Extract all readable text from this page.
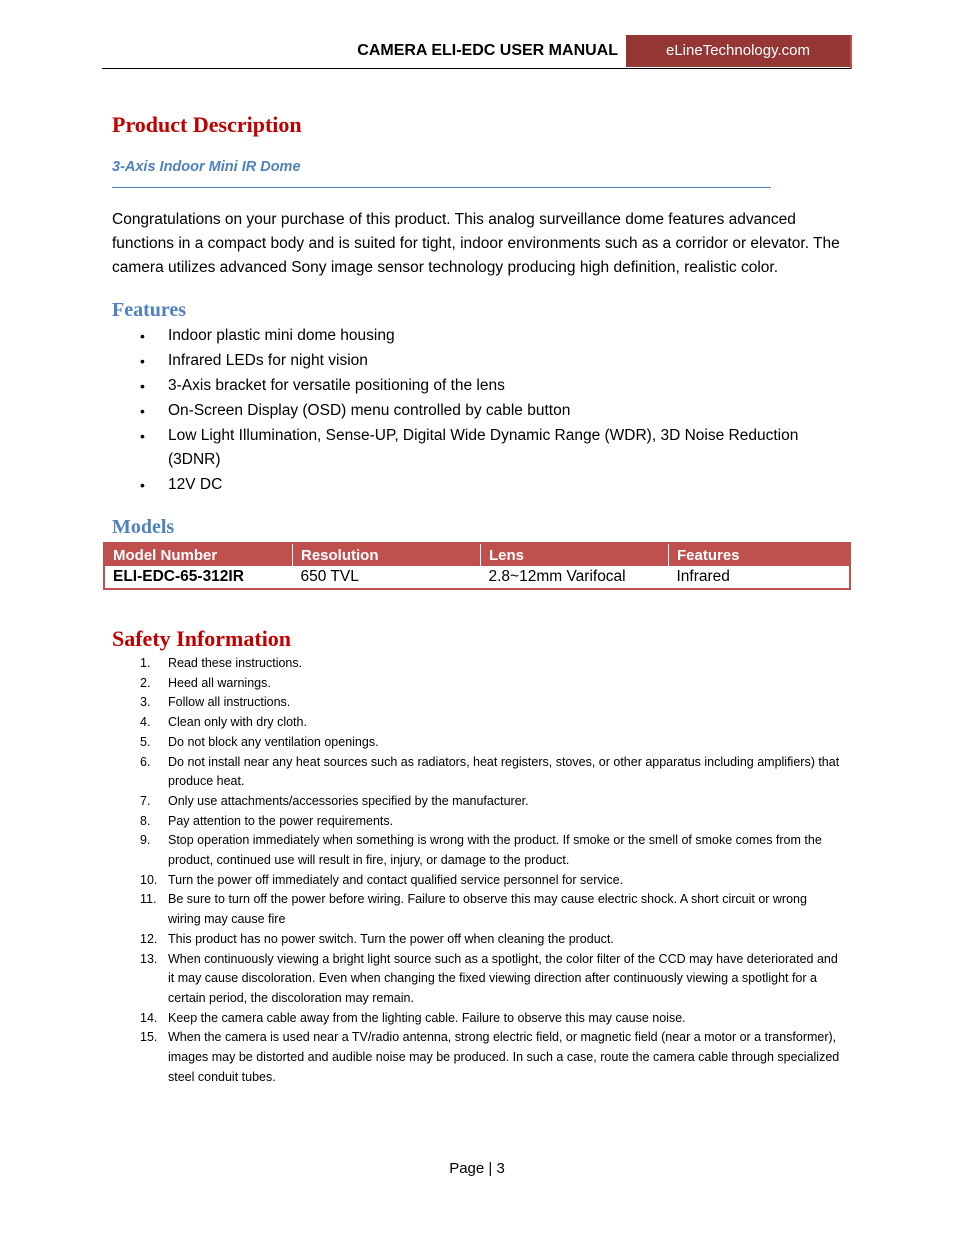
CAMERA ELI-EDC USER MANUAL	eLineTechnology.com
Product Description
3-Axis Indoor Mini IR Dome

Congratulations on your purchase of this product. This analog surveillance dome features advanced functions in a compact body and is suited for tight, indoor environments such as a corridor or elevator. The camera utilizes advanced Sony image sensor technology producing high definition, realistic color.

Features
• Indoor plastic mini dome housing
• Infrared LEDs for night vision
• 3-Axis bracket for versatile positioning of the lens
• On-Screen Display (OSD) menu controlled by cable button
• Low Light Illumination, Sense-UP, Digital Wide Dynamic Range (WDR), 3D Noise Reduction (3DNR)
• 12V DC
Models
Model Number	Resolution	Lens	Features
ELI-EDC-65-312IR	650 TVL	2.8~12mm Varifocal	Infrared
Safety Information
1.	Read these instructions.
2.	Heed all warnings.
3.	Follow all instructions.
4.	Clean only with dry cloth.
5.	Do not block any ventilation openings.
6.	Do not install near any heat sources such as radiators, heat registers, stoves, or other apparatus including amplifiers) that produce heat.
7.	Only use attachments/accessories specified by the manufacturer.
8.	Pay attention to the power requirements.
9.	Stop operation immediately when something is wrong with the product. If smoke or the smell of smoke comes from the product, continued use will result in fire, injury, or damage to the product.
10. Turn the power off immediately and contact qualified service personnel for service.
11. Be sure to turn off the power before wiring. Failure to observe this may cause electric shock. A short circuit or wrong wiring may cause fire
12. This product has no power switch. Turn the power off when cleaning the product.
13. When continuously viewing a bright light source such as a spotlight, the color filter of the CCD may have deteriorated and it may cause discoloration. Even when changing the fixed viewing direction after continuously viewing a spotlight for a certain period, the discoloration may remain.
14. Keep the camera cable away from the lighting cable. Failure to observe this may cause noise.
15. When the camera is used near a TV/radio antenna, strong electric field, or magnetic field (near a motor or a transformer), images may be distorted and audible noise may be produced. In such a case, route the camera cable through specialized steel conduit tubes.
Page | 3
